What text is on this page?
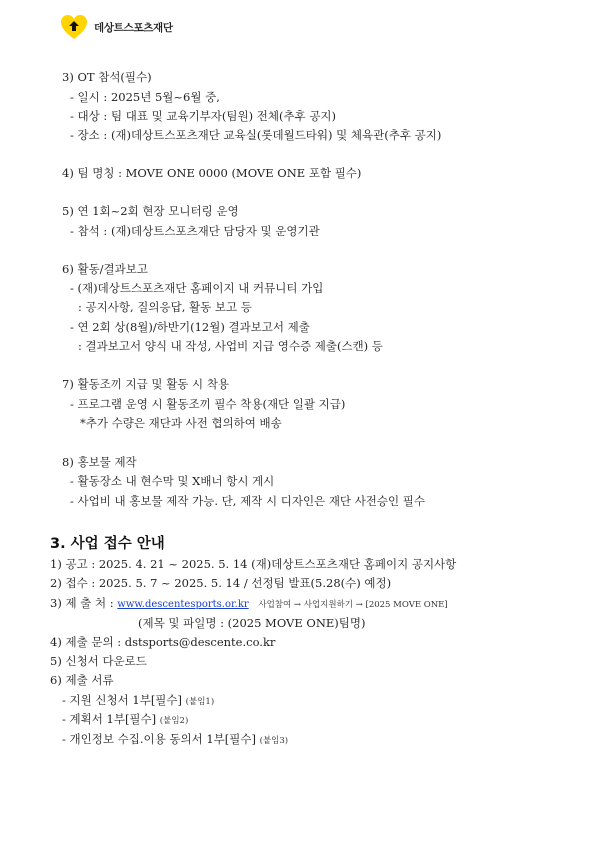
데상트스포츠재단
3) OT 참석(필수)
- 일시 : 2025년 5월~6월 중,
- 대상 : 팀 대표 및 교육기부자(팀원) 전체(추후 공지)
- 장소 : (재)데상트스포츠재단 교육실(롯데월드타워) 및 체육관(추후 공지)
4) 팀 명칭 : MOVE ONE 0000 (MOVE ONE 포함 필수)
5) 연 1회~2회 현장 모니터링 운영
- 참석 : (재)데상트스포츠재단 담당자 및 운영기관
6) 활동/결과보고
- (재)데상트스포츠재단 홈페이지 내 커뮤니티 가입
: 공지사항, 질의응답, 활동 보고 등
- 연 2회 상(8월)/하반기(12월) 결과보고서 제출
: 결과보고서 양식 내 작성, 사업비 지급 영수증 제출(스캔) 등
7) 활동조끼 지급 및 활동 시 착용
- 프로그램 운영 시 활동조끼 필수 착용(재단 일괄 지급)
*추가 수량은 재단과 사전 협의하여 배송
8) 홍보물 제작
- 활동장소 내 현수막 및 X배너 항시 게시
- 사업비 내 홍보물 제작 가능. 단, 제작 시 디자인은 재단 사전승인 필수
3. 사업 접수 안내
1) 공고 : 2025. 4. 21 ~ 2025. 5. 14 (재)데상트스포츠재단 홈페이지 공지사항
2) 접수 : 2025. 5. 7 ~ 2025. 5. 14 / 선정팀 발표(5.28(수) 예정)
3) 제 출 처 : www.descentesports.or.kr 사업참여 → 사업지원하기 → [2025 MOVE ONE]
(제목 및 파일명 : (2025 MOVE ONE)팀명)
4) 제출 문의 : dstsports@descente.co.kr
5) 신청서 다운로드
6) 제출 서류
- 지원 신청서 1부[필수] (붙임1)
- 계획서 1부[필수] (붙임2)
- 개인정보 수집.이용 동의서 1부[필수] (붙임3)
